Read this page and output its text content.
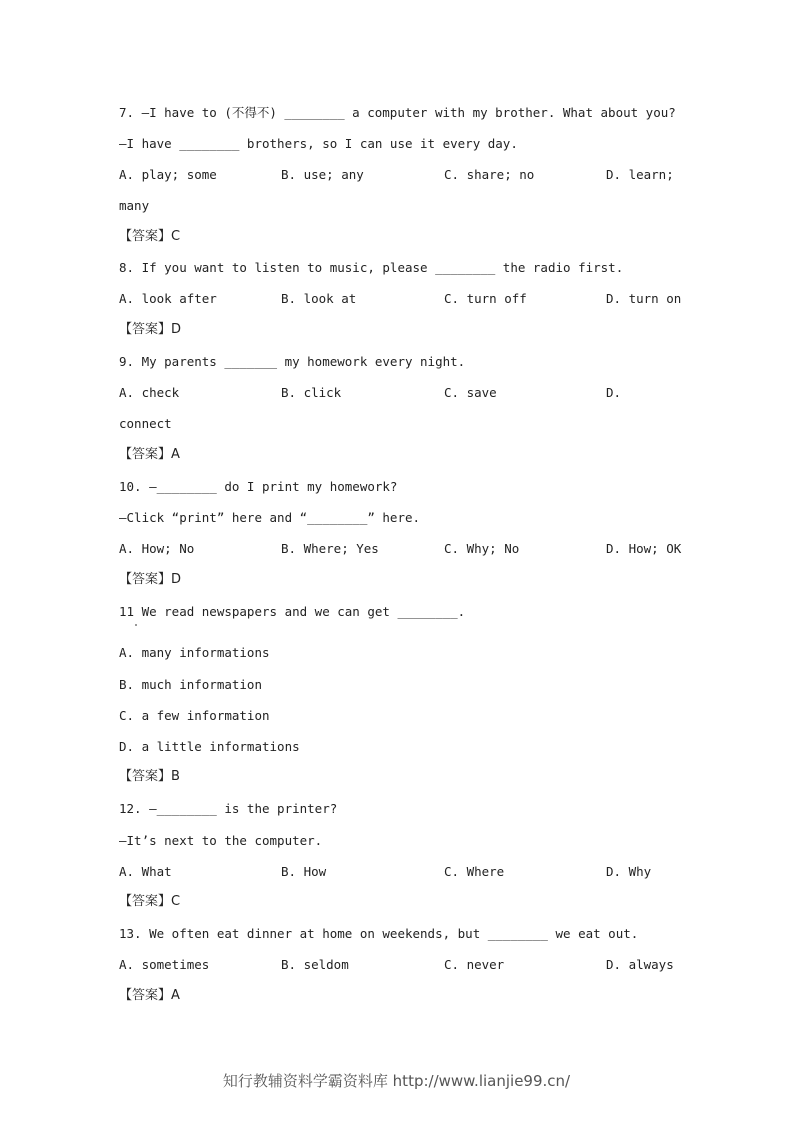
7. —I have to (不得不) ________ a computer with my brother. What about you?
—I have ________ brothers, so I can use it every day.
A. play; some	B. use; any	C. share; no	D. learn;
many
【答案】C
8. If you want to listen to music, please ________ the radio first.
A. look after	B. look at	C. turn off	D. turn on
【答案】D
9. My parents _______ my homework every night.
A. check	B. click	C. save	D.
connect
【答案】A
10. —________ do I print my homework?
—Click “print” here and “________” here.
A. How; No	B. Where; Yes	C. Why; No	D. How; OK
【答案】D
11 We read newspapers and we can get ________.
A. many informations
B. much information
C. a few information
D. a little informations
【答案】B
12. —________ is the printer?
—It’s next to the computer.
A. What	B. How	C. Where	D. Why
【答案】C
13. We often eat dinner at home on weekends, but ________ we eat out.
A. sometimes	B. seldom	C. never	D. always
【答案】A
知行教辅资料学霸资料库 http://www.lianjie99.cn/
